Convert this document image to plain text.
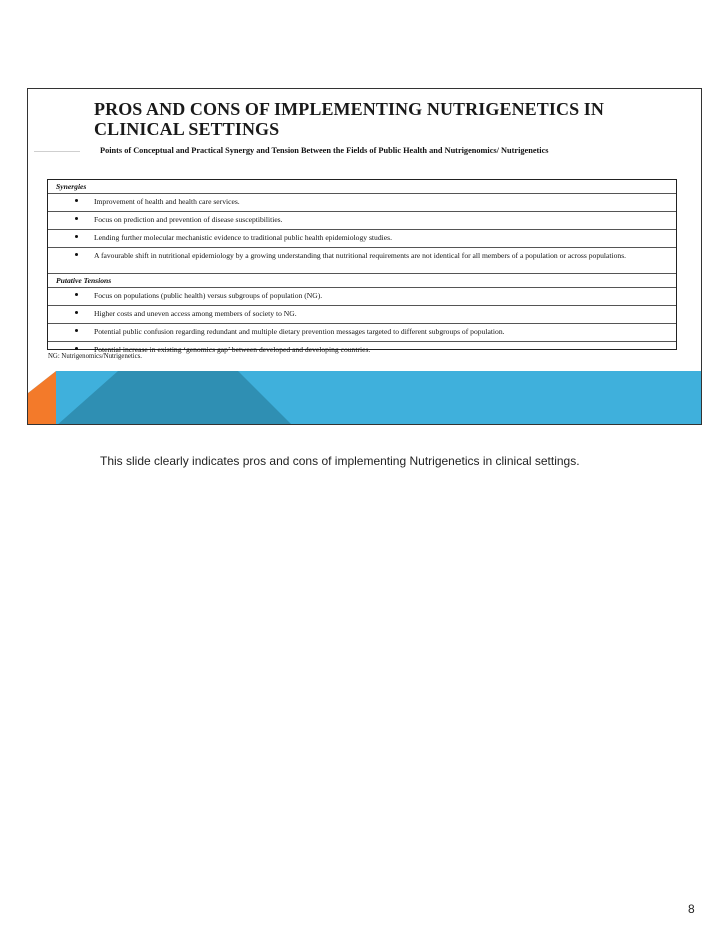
PROS AND CONS OF IMPLEMENTING NUTRIGENETICS IN CLINICAL SETTINGS
Points of Conceptual and Practical Synergy and Tension Between the Fields of Public Health and Nutrigenomics/ Nutrigenetics
Synergies
Improvement of health and health care services.
Focus on prediction and prevention of disease susceptibilities.
Lending further molecular mechanistic evidence to traditional public health epidemiology studies.
A favourable shift in nutritional epidemiology by a growing understanding that nutritional requirements are not identical for all members of a population or across populations.
Putative Tensions
Focus on populations (public health) versus subgroups of population (NG).
Higher costs and uneven access among members of society to NG.
Potential public confusion regarding redundant and multiple dietary prevention messages targeted to different subgroups of population.
Potential increase in existing ‘genomics gap’ between developed and developing countries.
NG: Nutrigenomics/Nutrigenetics.
This slide clearly indicates pros and cons of implementing Nutrigenetics in clinical settings.
8
